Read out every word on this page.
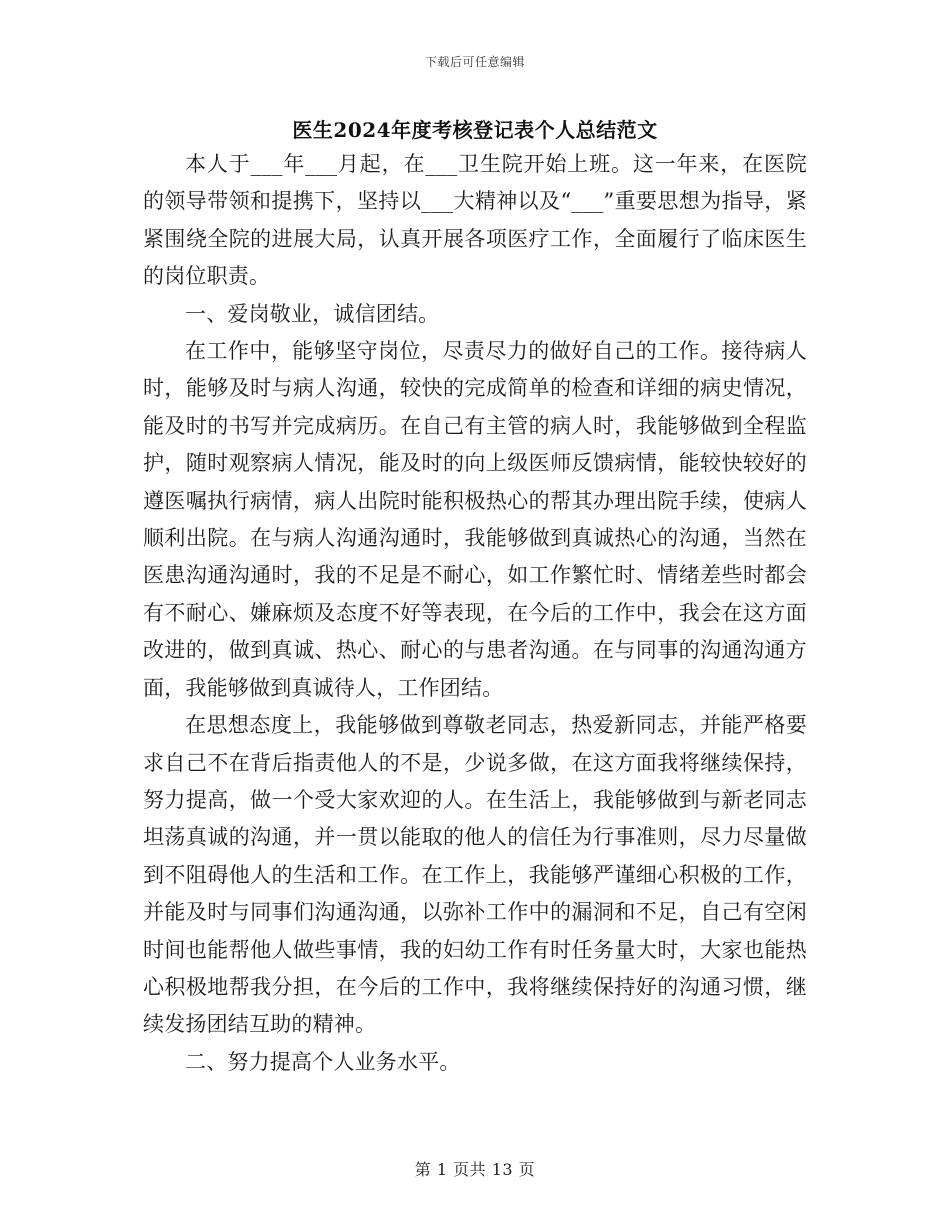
下载后可任意编辑
医生2024年度考核登记表个人总结范文

本人于___年___月起，在___卫生院开始上班。这一年来，在医院的领导带领和提携下，坚持以___大精神以及“___”重要思想为指导，紧紧围绕全院的进展大局，认真开展各项医疗工作，全面履行了临床医生的岗位职责。

一、爱岗敬业，诚信团结。

在工作中，能够坚守岗位，尽责尽力的做好自己的工作。接待病人时，能够及时与病人沟通，较快的完成简单的检查和详细的病史情况，能及时的书写并完成病历。在自己有主管的病人时，我能够做到全程监护，随时观察病人情况，能及时的向上级医师反馈病情，能较快较好的遵医嘱执行病情，病人出院时能积极热心的帮其办理出院手续，使病人顺利出院。在与病人沟通沟通时，我能够做到真诚热心的沟通，当然在医患沟通沟通时，我的不足是不耐心，如工作繁忙时、情绪差些时都会有不耐心、嫌麻烦及态度不好等表现，在今后的工作中，我会在这方面改进的，做到真诚、热心、耐心的与患者沟通。在与同事的沟通沟通方面，我能够做到真诚待人，工作团结。

在思想态度上，我能够做到尊敬老同志，热爱新同志，并能严格要求自己不在背后指责他人的不是，少说多做，在这方面我将继续保持，努力提高，做一个受大家欢迎的人。在生活上，我能够做到与新老同志坦荡真诚的沟通，并一贯以能取的他人的信任为行事准则，尽力尽量做到不阻碍他人的生活和工作。在工作上，我能够严谨细心积极的工作，并能及时与同事们沟通沟通，以弥补工作中的漏洞和不足，自己有空闲时间也能帮他人做些事情，我的妇幼工作有时任务量大时，大家也能热心积极地帮我分担，在今后的工作中，我将继续保持好的沟通习惯，继续发扬团结互助的精神。

二、努力提高个人业务水平。

第 1 页共 13 页
